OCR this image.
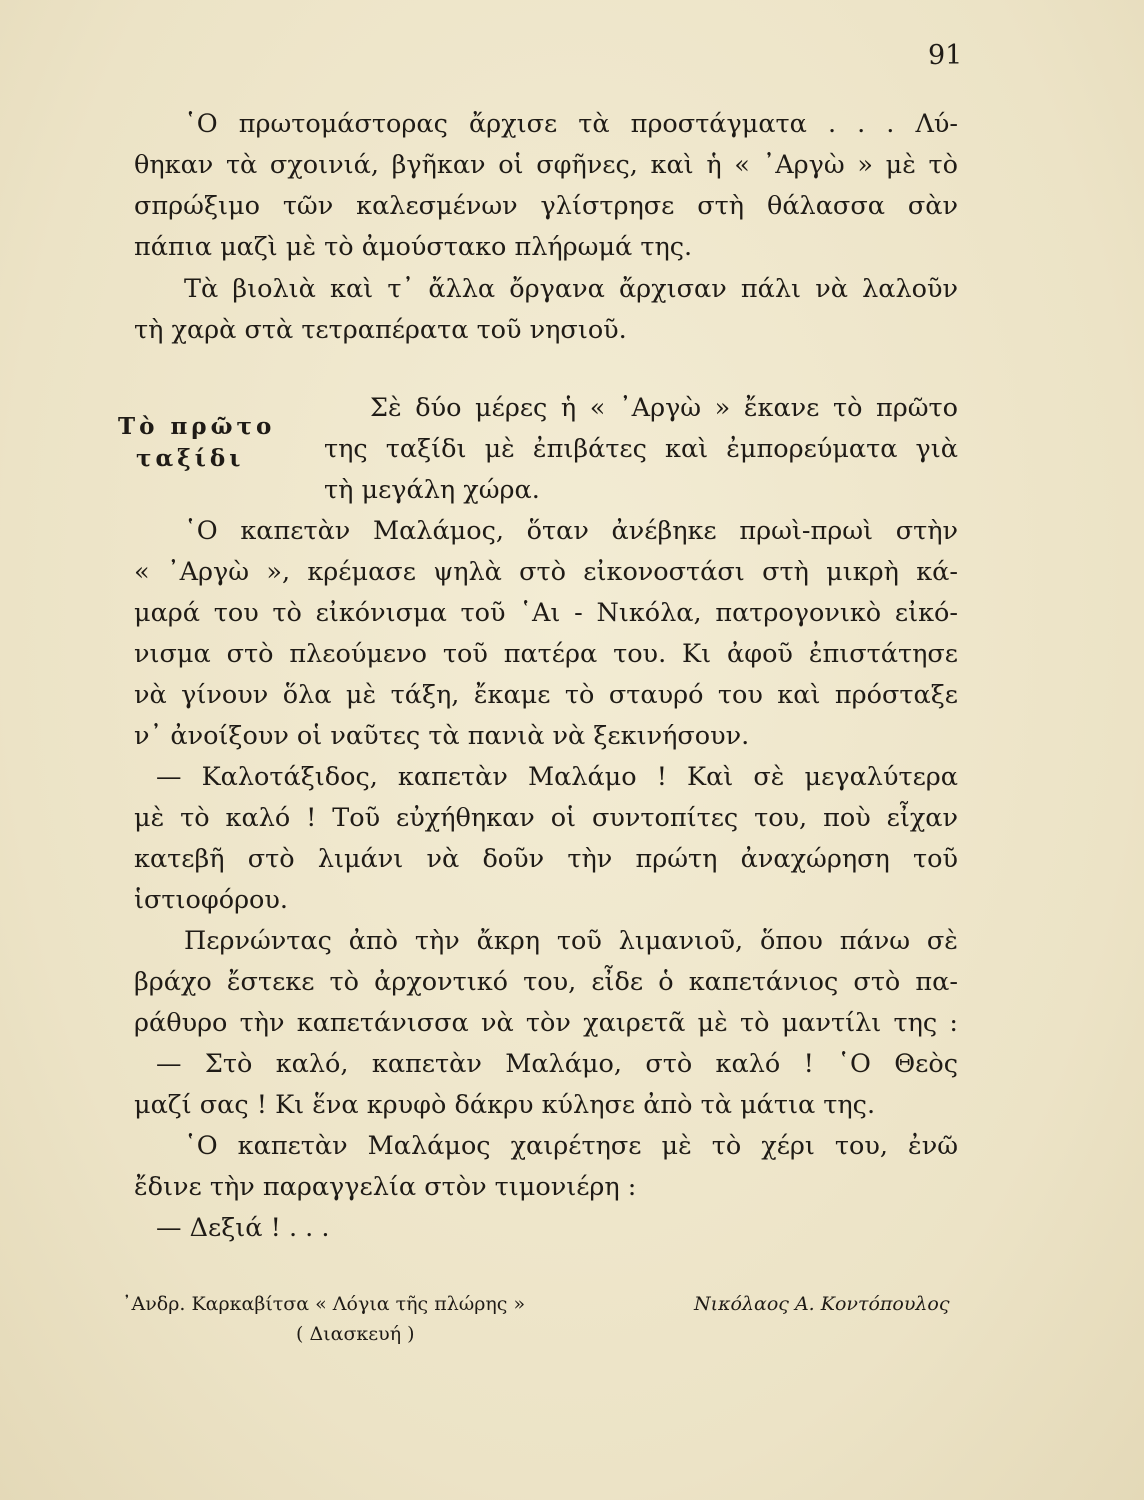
91
῾Ο πρωτομάστορας ἄρχισε τὰ προστάγματα . . . Λύ-
θηκαν τὰ σχοινιά, βγῆκαν οἱ σφῆνες, καὶ ἡ « ᾿Αργὼ » μὲ τὸ
σπρώξιμο τῶν καλεσμένων γλίστρησε στὴ θάλασσα σὰν
πάπια μαζὶ μὲ τὸ ἀμούστακο πλήρωμά της.
Τὰ βιολιὰ καὶ τ᾿ ἄλλα ὄργανα ἄρχισαν πάλι νὰ λαλοῦν
τὴ χαρὰ στὰ τετραπέρατα τοῦ νησιοῦ.
Τὸ πρῶτο
ταξίδι
Σὲ δύο μέρες ἡ « ᾿Αργὼ » ἔκανε τὸ πρῶτο
της ταξίδι μὲ ἐπιβάτες καὶ ἐμπορεύματα γιὰ
τὴ μεγάλη χώρα.
῾Ο καπετὰν Μαλάμος, ὅταν ἀνέβηκε πρωὶ-πρωὶ στὴν
« ᾿Αργὼ », κρέμασε ψηλὰ στὸ εἰκονοστάσι στὴ μικρὴ κά-
μαρά του τὸ εἰκόνισμα τοῦ ῾Αι - Νικόλα, πατρογονικὸ εἰκό-
νισμα στὸ πλεούμενο τοῦ πατέρα του. Κι ἀφοῦ ἐπιστάτησε
νὰ γίνουν ὅλα μὲ τάξη, ἔκαμε τὸ σταυρό του καὶ πρόσταξε
ν᾿ ἀνοίξουν οἱ ναῦτες τὰ πανιὰ νὰ ξεκινήσουν.
— Καλοτάξιδος, καπετὰν Μαλάμο ! Καὶ σὲ μεγαλύτερα
μὲ τὸ καλό ! Τοῦ εὐχήθηκαν οἱ συντοπίτες του, ποὺ εἶχαν
κατεβῆ στὸ λιμάνι νὰ δοῦν τὴν πρώτη ἀναχώρηση τοῦ
ἱστιοφόρου.
Περνώντας ἀπὸ τὴν ἄκρη τοῦ λιμανιοῦ, ὅπου πάνω σὲ
βράχο ἔστεκε τὸ ἀρχοντικό του, εἶδε ὁ καπετάνιος στὸ πα-
ράθυρο τὴν καπετάνισσα νὰ τὸν χαιρετᾶ μὲ τὸ μαντίλι της :
— Στὸ καλό, καπετὰν Μαλάμο, στὸ καλό ! ῾Ο Θεὸς
μαζί σας ! Κι ἕνα κρυφὸ δάκρυ κύλησε ἀπὸ τὰ μάτια της.
῾Ο καπετὰν Μαλάμος χαιρέτησε μὲ τὸ χέρι του, ἐνῶ
ἔδινε τὴν παραγγελία στὸν τιμονιέρη :
— Δεξιά ! . . .
᾿Ανδρ. Καρκαβίτσα « Λόγια τῆς πλώρης »
( Διασκευή )
Νικόλαος Α. Κοντόπουλος
